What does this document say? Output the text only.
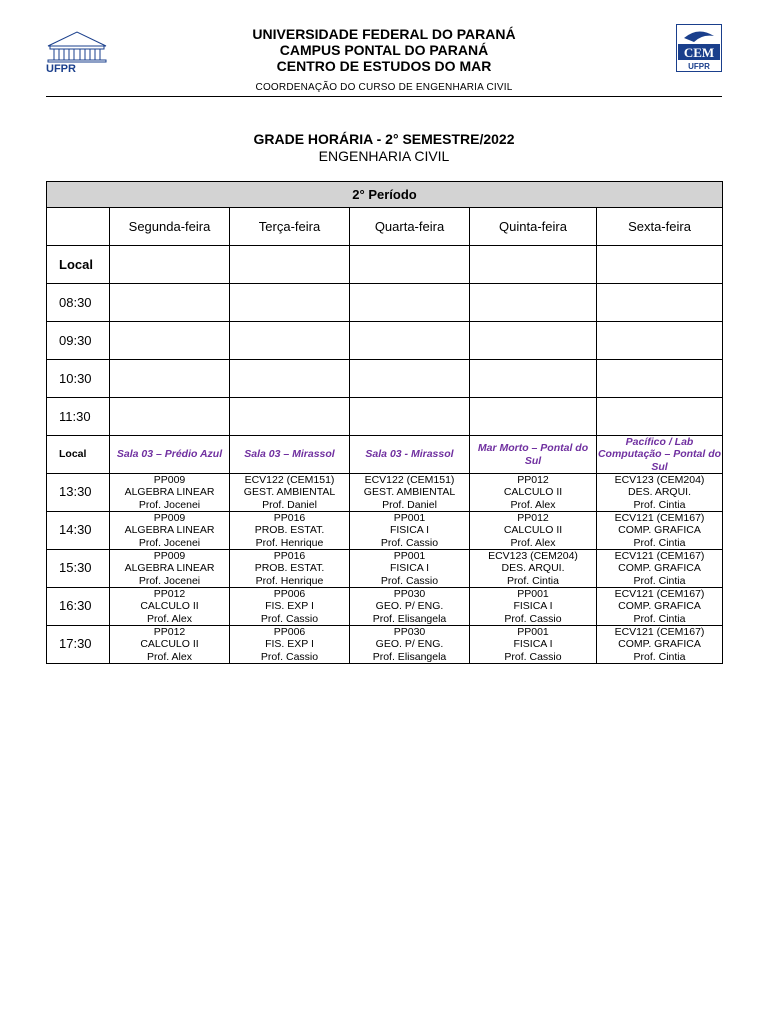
UFPR
UNIVERSIDADE FEDERAL DO PARANÁ
CAMPUS PONTAL DO PARANÁ
CENTRO DE ESTUDOS DO MAR
COORDENAÇÃO DO CURSO DE ENGENHARIA CIVIL
CEM
UFPR
GRADE HORÁRIA - 2° SEMESTRE/2022
ENGENHARIA CIVIL
2° Período					
	Segunda-feira	Terça-feira	Quarta-feira	Quinta-feira	Sexta-feira
Local					
08:30					
09:30					
10:30					
11:30					
Local	Sala 03 – Prédio Azul	Sala 03 – Mirassol	Sala 03 - Mirassol	Mar Morto – Pontal do Sul	Pacífico / Lab Computação – Pontal do Sul
13:30	PP009
ALGEBRA LINEAR
Prof. Jocenei	ECV122 (CEM151)
GEST. AMBIENTAL
Prof. Daniel	ECV122 (CEM151)
GEST. AMBIENTAL
Prof. Daniel	PP012
CALCULO II
Prof. Alex	ECV123 (CEM204)
DES. ARQUI.
Prof. Cintia

14:30	PP009
ALGEBRA LINEAR
Prof. Jocenei	PP016
PROB. ESTAT.
Prof. Henrique	PP001
FISICA I
Prof. Cassio	PP012
CALCULO II
Prof. Alex	ECV121 (CEM167)
COMP. GRAFICA
Prof. Cintia

15:30	PP009
ALGEBRA LINEAR
Prof. Jocenei	PP016
PROB. ESTAT.
Prof. Henrique	PP001
FISICA I
Prof. Cassio	ECV123 (CEM204)
DES. ARQUI.
Prof. Cintia	ECV121 (CEM167)
COMP. GRAFICA
Prof. Cintia

16:30	PP012
CALCULO II
Prof. Alex	PP006
FIS. EXP I
Prof. Cassio	PP030
GEO. P/ ENG.
Prof. Elisangela	PP001
FISICA I
Prof. Cassio	ECV121 (CEM167)
COMP. GRAFICA
Prof. Cintia

17:30	PP012
CALCULO II
Prof. Alex	PP006
FIS. EXP I
Prof. Cassio	PP030
GEO. P/ ENG.
Prof. Elisangela	PP001
FISICA I
Prof. Cassio	ECV121 (CEM167)
COMP. GRAFICA
Prof. Cintia
